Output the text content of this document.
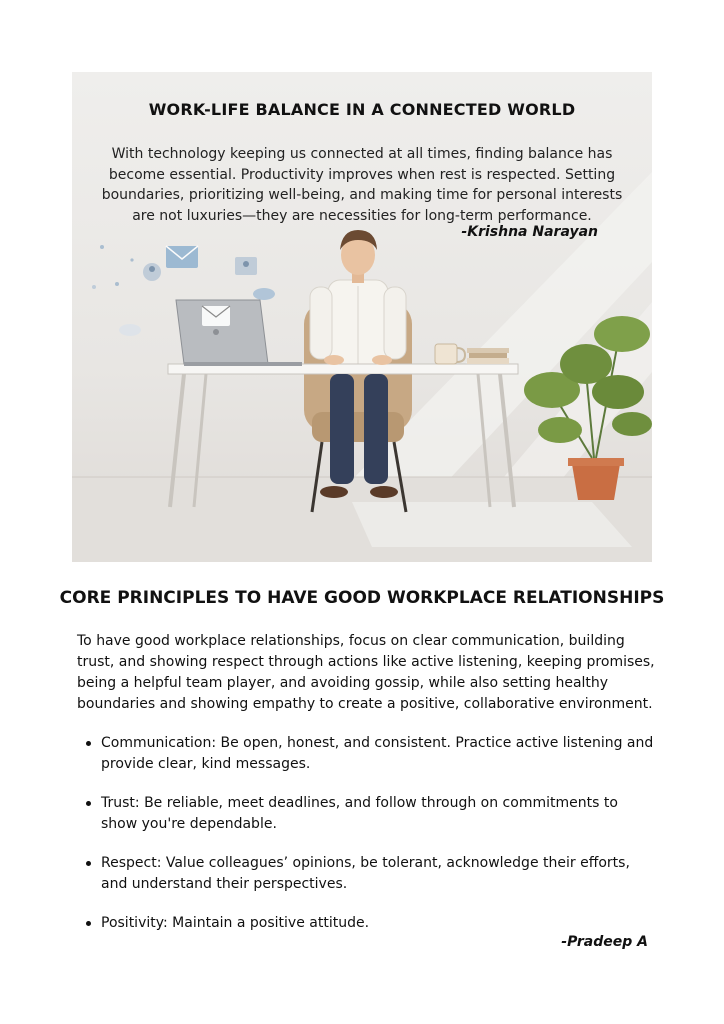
WORK-LIFE BALANCE IN A CONNECTED WORLD
With technology keeping us connected at all times, finding balance has become essential. Productivity improves when rest is respected. Setting boundaries, prioritizing well-being, and making time for personal interests are not luxuries—they are necessities for long-term performance.
-Krishna Narayan
CORE PRINCIPLES TO HAVE GOOD WORKPLACE RELATIONSHIPS
To have good workplace relationships, focus on clear communication, building trust, and showing respect through actions like active listening, keeping promises, being a helpful team player, and avoiding gossip, while also setting healthy boundaries and showing empathy to create a positive, collaborative environment.
Communication: Be open, honest, and consistent. Practice active listening and provide clear, kind messages.
Trust: Be reliable, meet deadlines, and follow through on commitments to show you're dependable.
Respect: Value colleagues’ opinions, be tolerant, acknowledge their efforts, and understand their perspectives.
Positivity: Maintain a positive attitude.
-Pradeep A
